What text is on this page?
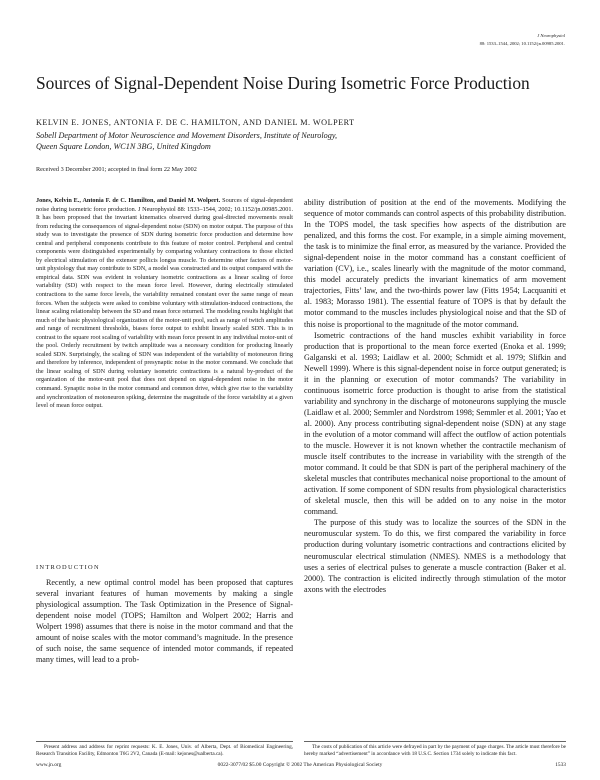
J Neurophysiol
88: 1533–1544, 2002; 10.1152/jn.00985.2001.
Sources of Signal-Dependent Noise During Isometric Force Production
KELVIN E. JONES, ANTONIA F. DE C. HAMILTON, AND DANIEL M. WOLPERT
Sobell Department of Motor Neuroscience and Movement Disorders, Institute of Neurology,
Queen Square London, WC1N 3BG, United Kingdom
Received 3 December 2001; accepted in final form 22 May 2002
Jones, Kelvin E., Antonia F. de C. Hamilton, and Daniel M. Wolpert. Sources of signal-dependent noise during isometric force production. J Neurophysiol 88: 1533–1544, 2002; 10.1152/jn.00985.2001. It has been proposed that the invariant kinematics observed during goal-directed movements result from reducing the consequences of signal-dependent noise (SDN) on motor output. The purpose of this study was to investigate the presence of SDN during isometric force production and determine how central and peripheral components contribute to this feature of motor control. Peripheral and central components were distinguished experimentally by comparing voluntary contractions to those elicited by electrical stimulation of the extensor pollicis longus muscle. To determine other factors of motor-unit physiology that may contribute to SDN, a model was constructed and its output compared with the empirical data. SDN was evident in voluntary isometric contractions as a linear scaling of force variability (SD) with respect to the mean force level. However, during electrically stimulated contractions to the same force levels, the variability remained constant over the same range of mean forces. When the subjects were asked to combine voluntary with stimulation-induced contractions, the linear scaling relationship between the SD and mean force returned. The modeling results highlight that much of the basic physiological organization of the motor-unit pool, such as range of twitch amplitudes and range of recruitment thresholds, biases force output to exhibit linearly scaled SDN. This is in contrast to the square root scaling of variability with mean force present in any individual motor-unit of the pool. Orderly recruitment by twitch amplitude was a necessary condition for producing linearly scaled SDN. Surprisingly, the scaling of SDN was independent of the variability of motoneuron firing and therefore by inference, independent of presynaptic noise in the motor command. We conclude that the linear scaling of SDN during voluntary isometric contractions is a natural by-product of the organization of the motor-unit pool that does not depend on signal-dependent noise in the motor command. Synaptic noise in the motor command and common drive, which give rise to the variability and synchronization of motoneuron spiking, determine the magnitude of the force variability at a given level of mean force output.
INTRODUCTION

Recently, a new optimal control model has been proposed that captures several invariant features of human movements by making a single physiological assumption. The Task Optimization in the Presence of Signal-dependent noise model (TOPS; Hamilton and Wolpert 2002; Harris and Wolpert 1998) assumes that there is noise in the motor command and that the amount of noise scales with the motor command’s magnitude. In the presence of such noise, the same sequence of intended motor commands, if repeated many times, will lead to a prob-

ability distribution of position at the end of the movements. Modifying the sequence of motor commands can control aspects of this probability distribution. In the TOPS model, the task specifies how aspects of the distribution are penalized, and this forms the cost. For example, in a simple aiming movement, the task is to minimize the final error, as measured by the variance. Provided the signal-dependent noise in the motor command has a constant coefficient of variation (CV), i.e., scales linearly with the magnitude of the motor command, this model accurately predicts the invariant kinematics of arm movement trajectories, Fitts’ law, and the two-thirds power law (Fitts 1954; Lacquaniti et al. 1983; Morasso 1981). The essential feature of TOPS is that by default the motor command to the muscles includes physiological noise and that the SD of this noise is proportional to the magnitude of the motor command.

Isometric contractions of the hand muscles exhibit variability in force production that is proportional to the mean force exerted (Enoka et al. 1999; Galganski et al. 1993; Laidlaw et al. 2000; Schmidt et al. 1979; Slifkin and Newell 1999). Where is this signal-dependent noise in force output generated; is it in the planning or execution of motor commands? The variability in continuous isometric force production is thought to arise from the statistical variability and synchrony in the discharge of motoneurons supplying the muscle (Laidlaw et al. 2000; Semmler and Nordstrom 1998; Semmler et al. 2001; Yao et al. 2000). Any process contributing signal-dependent noise (SDN) at any stage in the evolution of a motor command will affect the outflow of action potentials to the muscle. However it is not known whether the contractile mechanism of muscle itself contributes to the increase in variability with the strength of the motor command. It could be that SDN is part of the peripheral machinery of the skeletal muscles that contributes mechanical noise proportional to the amount of activation. If some component of SDN results from physiological characteristics of skeletal muscle, then this will be added on to any noise in the motor command.

The purpose of this study was to localize the sources of the SDN in the neuromuscular system. To do this, we first compared the variability in force production during voluntary isometric contractions and contractions elicited by neuromuscular electrical stimulation (NMES). NMES is a methodology that uses a series of electrical pulses to generate a muscle contraction (Baker et al. 2000). The contraction is elicited indirectly through stimulation of the motor axons with the electrodes

Present address and address for reprint requests: K. E. Jones, Univ. of Alberta, Dept. of Biomedical Engineering, Research Transition Facility, Edmonton T6G 2V2, Canada (E-mail: kejones@ualberta.ca).
The costs of publication of this article were defrayed in part by the payment of page charges. The article must therefore be hereby marked “advertisement” in accordance with 18 U.S.C. Section 1734 solely to indicate this fact.
www.jn.org	0022-3077/02 $5.00 Copyright © 2002 The American Physiological Society	1533
